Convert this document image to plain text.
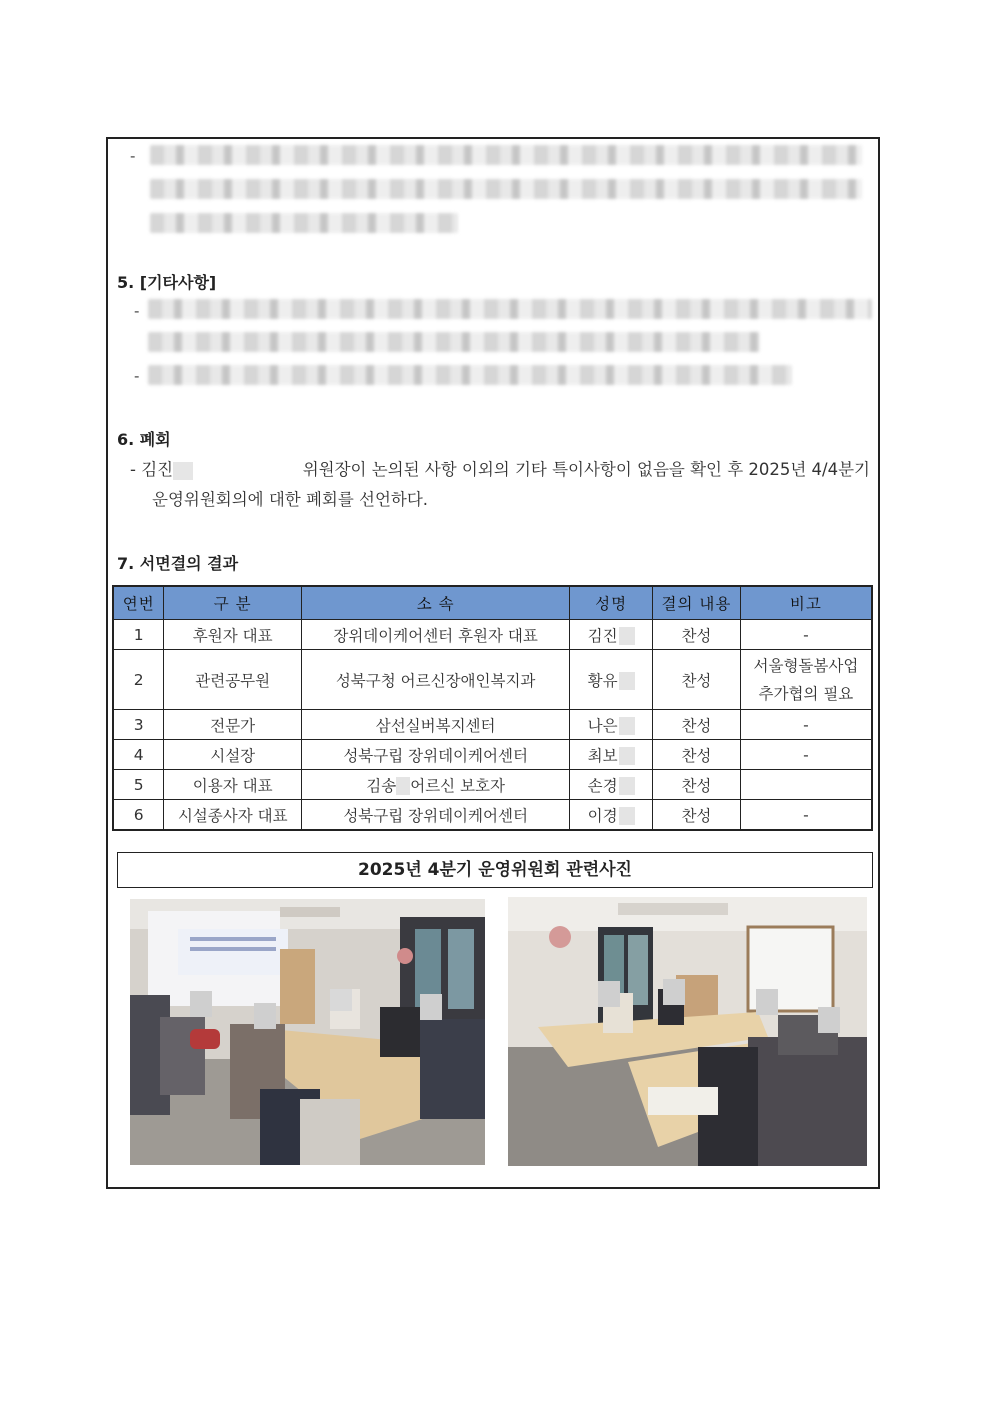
-
5. [기타사항]
-
-
6. 폐회
- 김진	위원장이 논의된 사항 이외의 기타 특이사항이 없음을 확인 후 2025년 4/4분기
운영위원회의에 대한 폐회를 선언하다.
7. 서면결의 결과
연번	구 분	소 속	성명	결의 내용	비고
1	후원자 대표	장위데이케어센터 후원자 대표	김진	찬성	-
2	관련공무원	성북구청 어르신장애인복지과	황유	찬성	서울형돌봄사업
추가협의 필요

3	전문가	삼선실버복지센터	나은	찬성	-
4	시설장	성북구립 장위데이케어센터	최보	찬성	-
5	이용자 대표	김송 어르신 보호자	손경	찬성	
6	시설종사자 대표	성북구립 장위데이케어센터	이경	찬성	-
2025년 4분기 운영위원회 관련사진
